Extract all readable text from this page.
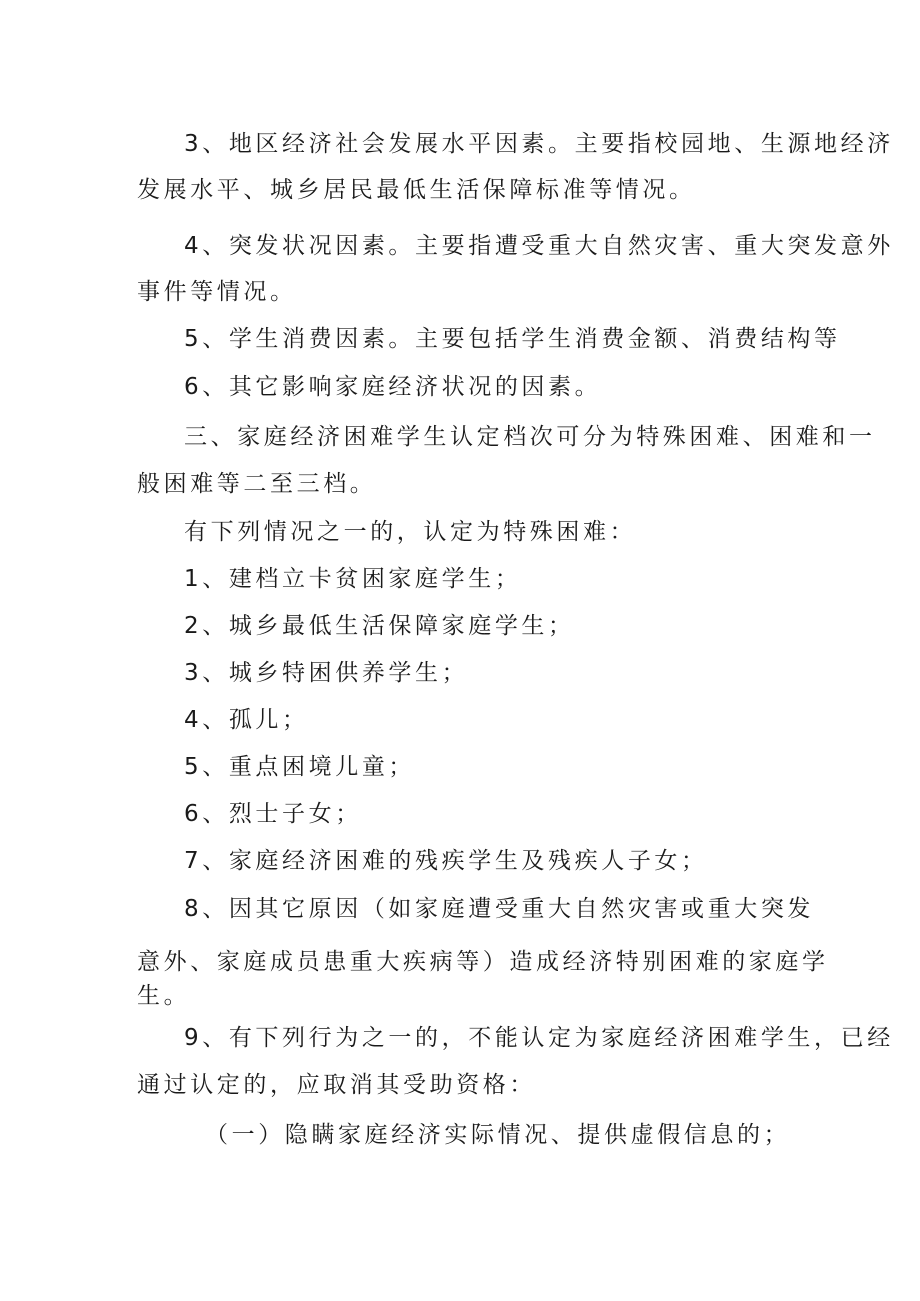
3、地区经济社会发展水平因素。主要指校园地、生源地经济
发展水平、城乡居民最低生活保障标准等情况。
4、突发状况因素。主要指遭受重大自然灾害、重大突发意外
事件等情况。
5、学生消费因素。主要包括学生消费金额、消费结构等
6、其它影响家庭经济状况的因素。
三、家庭经济困难学生认定档次可分为特殊困难、困难和一
般困难等二至三档。
有下列情况之一的，认定为特殊困难：
1、建档立卡贫困家庭学生；
2、城乡最低生活保障家庭学生；
3、城乡特困供养学生；
4、孤儿；
5、重点困境儿童；
6、烈士子女；
7、家庭经济困难的残疾学生及残疾人子女；
8、因其它原因（如家庭遭受重大自然灾害或重大突发
意外、家庭成员患重大疾病等）造成经济特别困难的家庭学
生。
9、有下列行为之一的，不能认定为家庭经济困难学生，已经
通过认定的，应取消其受助资格：
（一）隐瞒家庭经济实际情况、提供虚假信息的；
